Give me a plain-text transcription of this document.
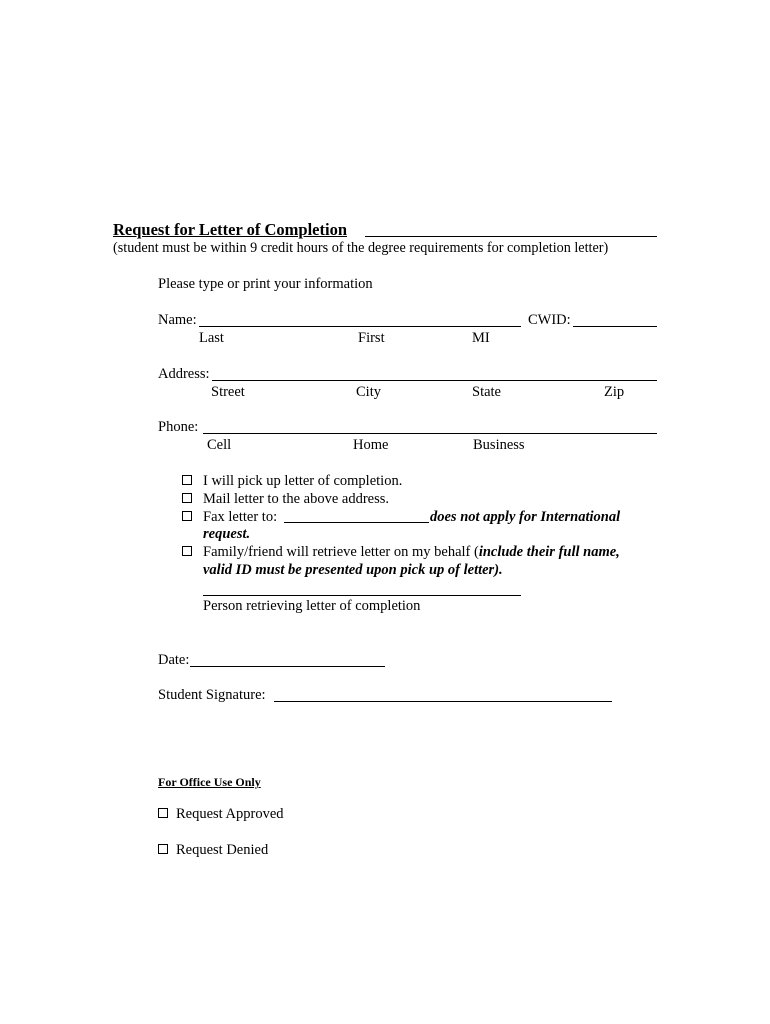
Request for Letter of Completion
(student must be within 9 credit hours of the degree requirements for completion letter)
Please type or print your information
Name:	CWID:
Last	First	MI
Address:
Street	City	State	Zip
Phone:
Cell	Home	Business
I will pick up letter of completion.
Mail letter to the above address.
Fax letter to:	does not apply for International
request.
Family/friend will retrieve letter on my behalf (include their full name,
valid ID must be presented upon pick up of letter).
Person retrieving letter of completion
Date:
Student Signature:
For Office Use Only
Request Approved
Request Denied
